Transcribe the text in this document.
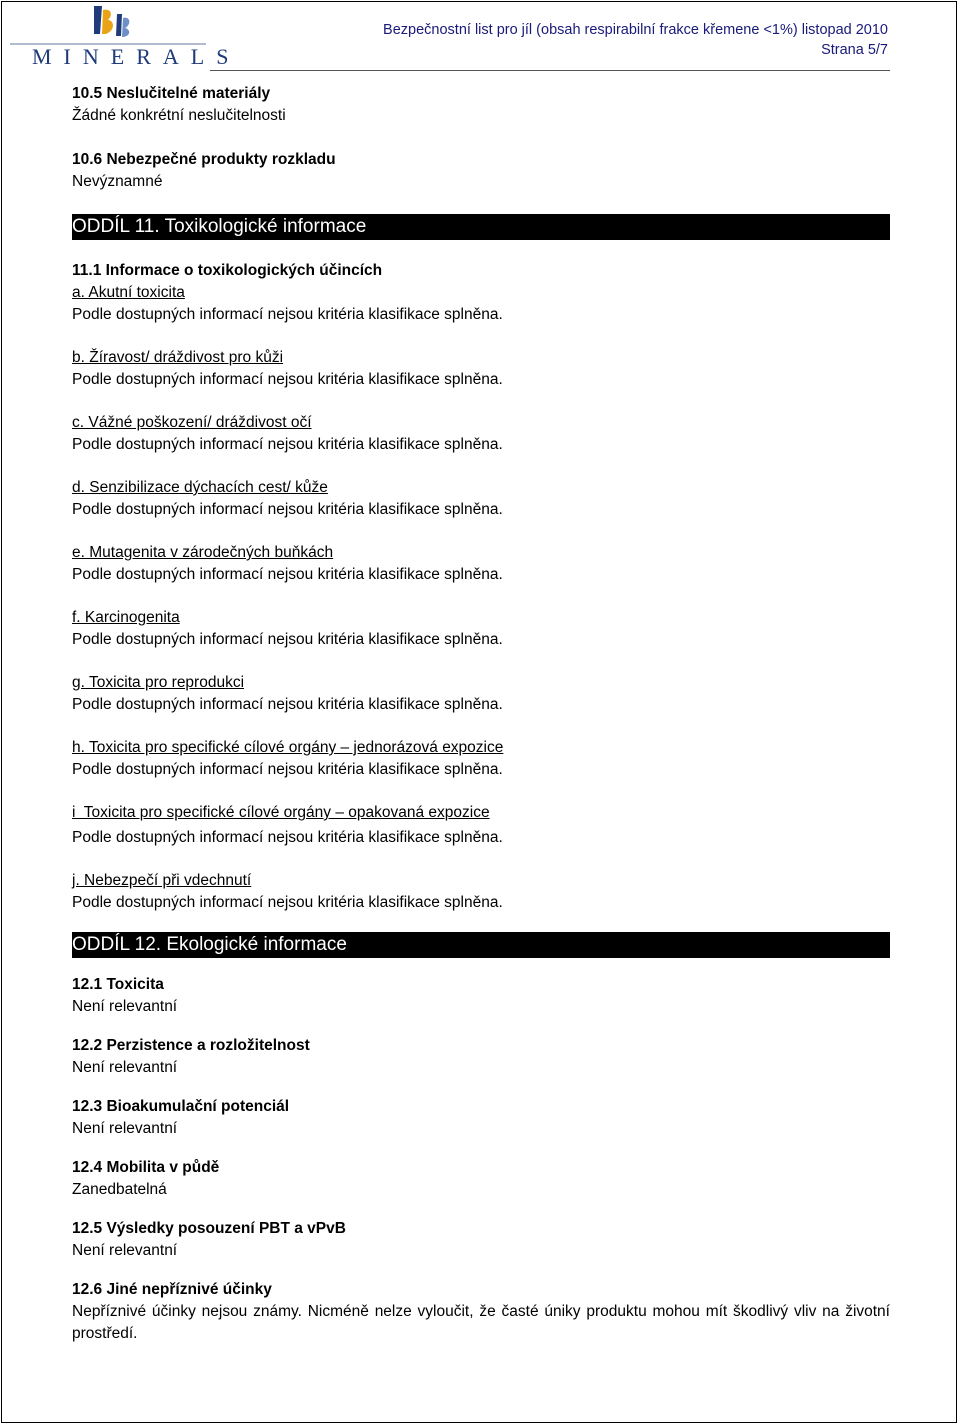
MINERALS
Bezpečnostní list pro jíl (obsah respirabilní frakce křemene <1%) listopad 2010
Strana 5/7
10.5 Neslučitelné materiály
Žádné konkrétní neslučitelnosti
10.6 Nebezpečné produkty rozkladu
Nevýznamné
ODDÍL 11. Toxikologické informace
11.1 Informace o toxikologických účincích
a. Akutní toxicita
Podle dostupných informací nejsou kritéria klasifikace splněna.
b. Žíravost/ dráždivost pro kůži
Podle dostupných informací nejsou kritéria klasifikace splněna.
c. Vážné poškození/ dráždivost očí
Podle dostupných informací nejsou kritéria klasifikace splněna.
d. Senzibilizace dýchacích cest/ kůže
Podle dostupných informací nejsou kritéria klasifikace splněna.
e. Mutagenita v zárodečných buňkách
Podle dostupných informací nejsou kritéria klasifikace splněna.
f. Karcinogenita
Podle dostupných informací nejsou kritéria klasifikace splněna.
g. Toxicita pro reprodukci
Podle dostupných informací nejsou kritéria klasifikace splněna.
h. Toxicita pro specifické cílové orgány – jednorázová expozice
Podle dostupných informací nejsou kritéria klasifikace splněna.
i  Toxicita pro specifické cílové orgány – opakovaná expozice
Podle dostupných informací nejsou kritéria klasifikace splněna.
j. Nebezpečí při vdechnutí
Podle dostupných informací nejsou kritéria klasifikace splněna.
ODDÍL 12. Ekologické informace
12.1 Toxicita
Není relevantní
12.2 Perzistence a rozložitelnost
Není relevantní
12.3 Bioakumulační potenciál
Není relevantní
12.4 Mobilita v půdě
Zanedbatelná
12.5 Výsledky posouzení PBT a vPvB
Není relevantní
12.6 Jiné nepříznivé účinky
Nepříznivé účinky nejsou známy. Nicméně nelze vyloučit, že časté úniky produktu mohou mít škodlivý vliv na životní prostředí.
